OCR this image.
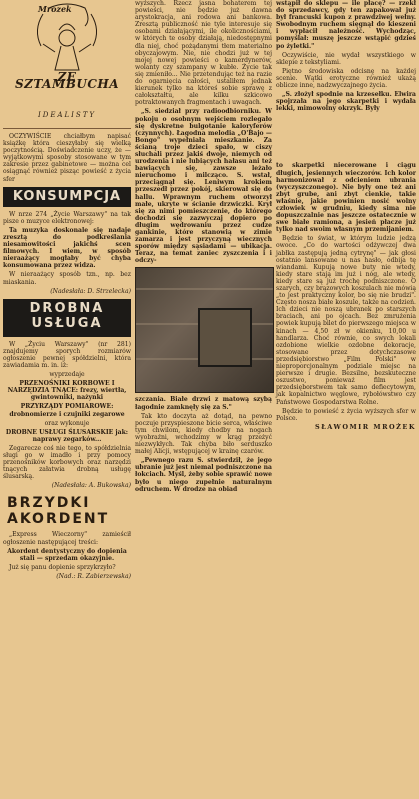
Mrozek
ZE SZTAMBUCHA
IDEALISTY

OCZYWIŚCIE chciałbym napisać książkę która cieszyłaby się wielką poczytnością. Doświadczenie uczy, że — wyjątkowymi sposoby stosowane w tym zakresie przez gabinetowe — można cel osiągnąć również pisząc powieść z życia sfer

KONSUMPCJA

W nrze 274 „Życie Warszawy" na tak pisze o muzyce elektronowej:

Ta muzyka doskonale się nadaje zresztą do podkreślania niesamowitości jakichś scen filmowych. I wiem, w sposób nieraażący mogłaby być chyba konsumowana przez widza.

W nieraażący sposób tzn., np. bez miaskania.

(Nadesłała: D. Strzelecka)

DROBNA USŁUGA

W „Życiu Warszawy" (nr 281) znajdujemy sporych rozmiarów ogłoszenie pewnej spółdzielni, która zawiadamia m. in. iż:

wyprzedaje

PRZENOŚNIKI KORBOWE I NARZĘDZIA TNĄCE: frezy, wiertła, gwintowniki, nażynki

PRZYRZĄDY POMIAROWE: drobnomierze i czujniki zegarowe

oraz wykonuje

DROBNE USŁUGI ŚLUSARSKIE jak: naprawy zegarków...

Zegarecze coś nie tego, to spółdzielnia sługi go w imadło i przy pomocy przenośników korbowych oraz narzędzi tnących załatwia drobną usługę ślusarską.

(Nadesłała: A. Bukowska)

BRZYDKI AKORDENT

„Express Wieczorny" zamieścił ogłoszenie następującej treści:

Akordent dentystyczny do dopienia stali — sprzedam okazyjnie.

Już się panu dopienie sprzykrzyło?

(Nad.: R. Zabierzewska)

wyższych. Rzecz jasna bohaterem tej powieści, nie będzie już dawna arystokracja, ani rodowa ani bankowa. Zresztą publiczność nie tyle interesuje się osobami działającymi, ile okolicznościami, w których te osoby działają, niedostępnymi dla niej, choć pożądanymi tłem materialno obyczajowym. Nie, nie chodzi już w tej mojej nowej powieści o kamerdynerów, wolanty czy szampany w kubłe. Życie tak się zmieniło... Nie przetendując też na razie do ogarnięcia całości, ustaliłem jednak kierunek tylko na któreś sobie sprawę z całokształtu, ale kilku szkicowo potraktowanych fragmentach i uwagach.

„S. siedział przy radioodbiorniku. W pokoju o osobnym wejściem rozlegało się dyskretne bulgotanie kaloryferów (czynnych). Łagodna melodia „O'Bajo — Bongo" wypełniała mieszkanie. Za ścianą troje dzieci spało, w ciszy słuchali przez jakiś dwoje, niemych od urodzenia i nie lubiących hałasu ani też bawiących się, zawsze leżało nieruchomo i milcząco. S. wstał, przeciągnął się. Leniwym krokiem przeszedł przez pokój, skierował się do hallu. Wprawnym ruchem otworzył małe, ukryte w ścianie drzwiczki. Krył się za nimi pomieszczenie, do którego dochodzi się zazwyczaj dopiero po długim wędrowaniu przez cudze gankinie, które stanowią w zimie zamarza i jest przyczyną wiecznych sporów między sąsiadami — ubikacja. Teraz, na temat zaniec zyszczenia i i odczy-

szczania. Białe drzwi z matową szybą łagodnie zamknęły się za S."

Tak kto doczyta aż dotąd, na pewno poczuje przyspieszone bicie serca, właściwe tym chwilom, kiedy chodby na nogach wyobraźni, wchodzimy w krąg przeżyć niezwykłych. Tak chyba biło serduszko małej Alicji, wstępującej w krainę czarów.

„Pewnego razu S. stwierdził, że jego ubranie już jest niemal podniszczone na łokciach. Myśl, żeby sobie sprawić nowe było u niego zupełnie naturalnym odruchem. W drodze na obiad

wstąpił do sklepu — ile płacę? — rzekł do sprzedawcy, gdy ten zapakował już był francuski kupon z prawdziwej wełny. Swobodnym ruchem sięgnął do kieszeni i wypłacił należność. Wychodząc, pomyślał: muszę jeszcze wstąpić gdzieś po żyletki."

Oczywiście, nie wydał wszystkiego w sklepie z tekstyliami.

Piętno środowiska odcisnę na każdej scenie. Wątki erotyczne również ukażą oblicze inne, nadzwyczajnego życia.

„S. złożył spodnie na krzesełku. Elwira spojrzała na jego skarpetki i wydała lekki, mimowolny okrzyk. Były

to skarpetki niecerowane i ciągu długich, jesiennych wieczorów. Ich kolor harmonizował z odcieniem ubrania (wyczyszczonego). Nie były one też ani zbyt grube, ani zbyt cienkie, takie właśnie, jakie powinien nosić wolny człowiek w grudniu, kiedy sima nie dopuszczalnie nas jeszcze ostatecznie w swe białe ramiona, a jesień płacze już tylko nad swoim własnym przemijaniem.

Będzie to świat, w którym ludzie jedzą owoce. „Co do wartości odżywczej dwa jabłka zastępują jedną cytrynę" — jak głosi ostatnio lansowane u nas hasło, odbija tę wiandami. Kupują nowe buty nie wtedy, kiedy stare stają im już i nóg, ale wtedy, kiedy stare są już trochę podniszczone. O szarych, czy brązowych koszulach nie mówią „to jest praktyczny kolor, bo się nie brudzi". Często nosza białe koszule, także na codzień. Ich dzieci nie noszą ubranek po starszych braciach, ani po ojcach. Bez zmrużenia powiek kupują bilet do pierwszego miejsca w kinach — 4,50 zł w okienku, 10,00 u handlarza. Choć równie, co swych lokali ozdobione wielkie ozdobne dekoracje, stosowane przez dotychczasowe przedsiębiorstwo „Film Polski" w nieproporcjonalnym podziale miejsc na pierwsze i drugie. Bezsilne, bezskuteczne oszustwo, ponieważ film jest przedsięborstwem tak samo defiecytowym, jak kopalnictwo węglowe, rybołówstwo czy Państwowe Gospodarstwa Rolne.

Będzie to powieść z życia wyższych sfer w Polsce.

SŁAWOMIR MROŻEK
